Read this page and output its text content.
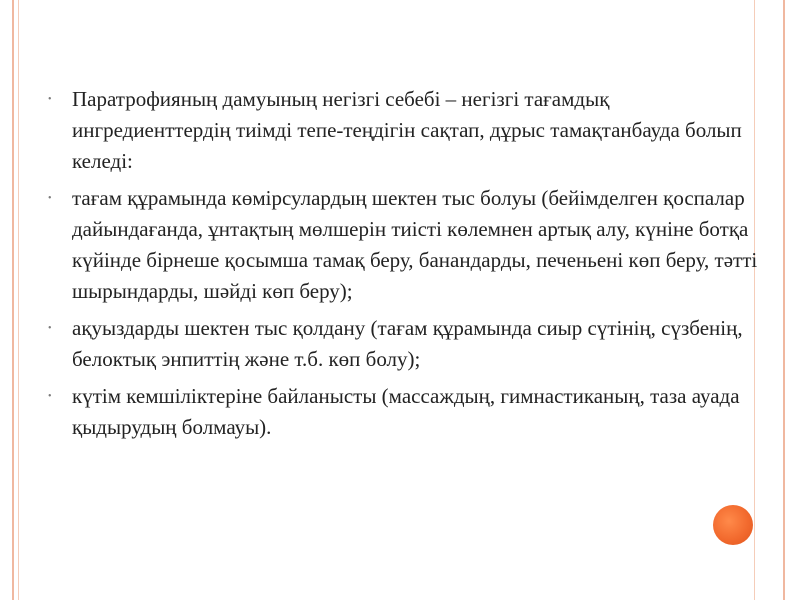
• Паратрофияның дамуының негізгі себебі – негізгі тағамдық ингредиенттердің тиімді тепе-теңдігін сақтап, дұрыс тамақтанбауда болып келеді:
• тағам құрамында көмірсулардың шектен тыс болуы (бейімделген қоспалар дайындағанда, ұнтақтың мөлшерін тиісті көлемнен артық алу, күніне ботқа күйінде бірнеше қосымша тамақ беру, банандарды, печеньені көп беру, тәтті шырындарды, шәйді көп беру);
• ақуыздарды шектен тыс қолдану (тағам құрамында сиыр сүтінің, сүзбенің, белоктық энпиттің және т.б. көп болу);
• күтім кемшіліктеріне байланысты (массаждың, гимнастиканың, таза ауада қыдырудың болмауы).
